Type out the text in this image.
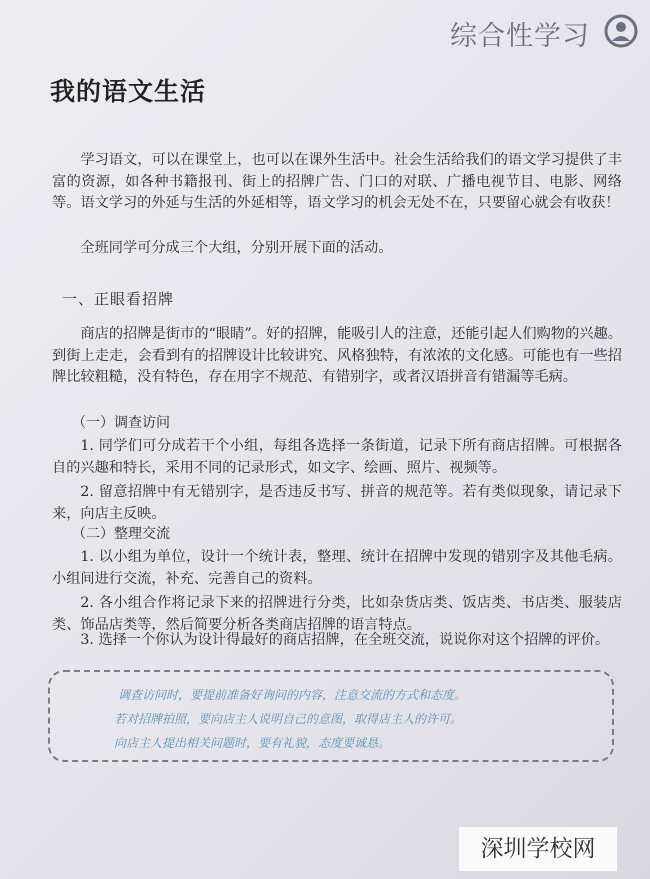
综合性学习
我的语文生活

学习语文，可以在课堂上，也可以在课外生活中。社会生活给我们的语文学习提供了丰富的资源，如各种书籍报刊、街上的招牌广告、门口的对联、广播电视节目、电影、网络等。语文学习的外延与生活的外延相等，语文学习的机会无处不在，只要留心就会有收获！

全班同学可分成三个大组，分别开展下面的活动。

一、正眼看招牌

商店的招牌是街市的“眼睛”。好的招牌，能吸引人的注意，还能引起人们购物的兴趣。到街上走走，会看到有的招牌设计比较讲究、风格独特，有浓浓的文化感。可能也有一些招牌比较粗糙，没有特色，存在用字不规范、有错别字，或者汉语拼音有错漏等毛病。

（一）调查访问

1. 同学们可分成若干个小组，每组各选择一条街道，记录下所有商店招牌。可根据各自的兴趣和特长，采用不同的记录形式，如文字、绘画、照片、视频等。

2. 留意招牌中有无错别字，是否违反书写、拼音的规范等。若有类似现象，请记录下来，向店主反映。

（二）整理交流

1. 以小组为单位，设计一个统计表，整理、统计在招牌中发现的错别字及其他毛病。小组间进行交流，补充、完善自己的资料。

2. 各小组合作将记录下来的招牌进行分类，比如杂货店类、饭店类、书店类、服装店类、饰品店类等，然后简要分析各类商店招牌的语言特点。

3. 选择一个你认为设计得最好的商店招牌，在全班交流，说说你对这个招牌的评价。

调查访问时，要提前准备好询问的内容，注意交流的方式和态度。
若对招牌拍照，要向店主人说明自己的意图，取得店主人的许可。
向店主人提出相关问题时，要有礼貌，态度要诚恳。
深圳学校网
